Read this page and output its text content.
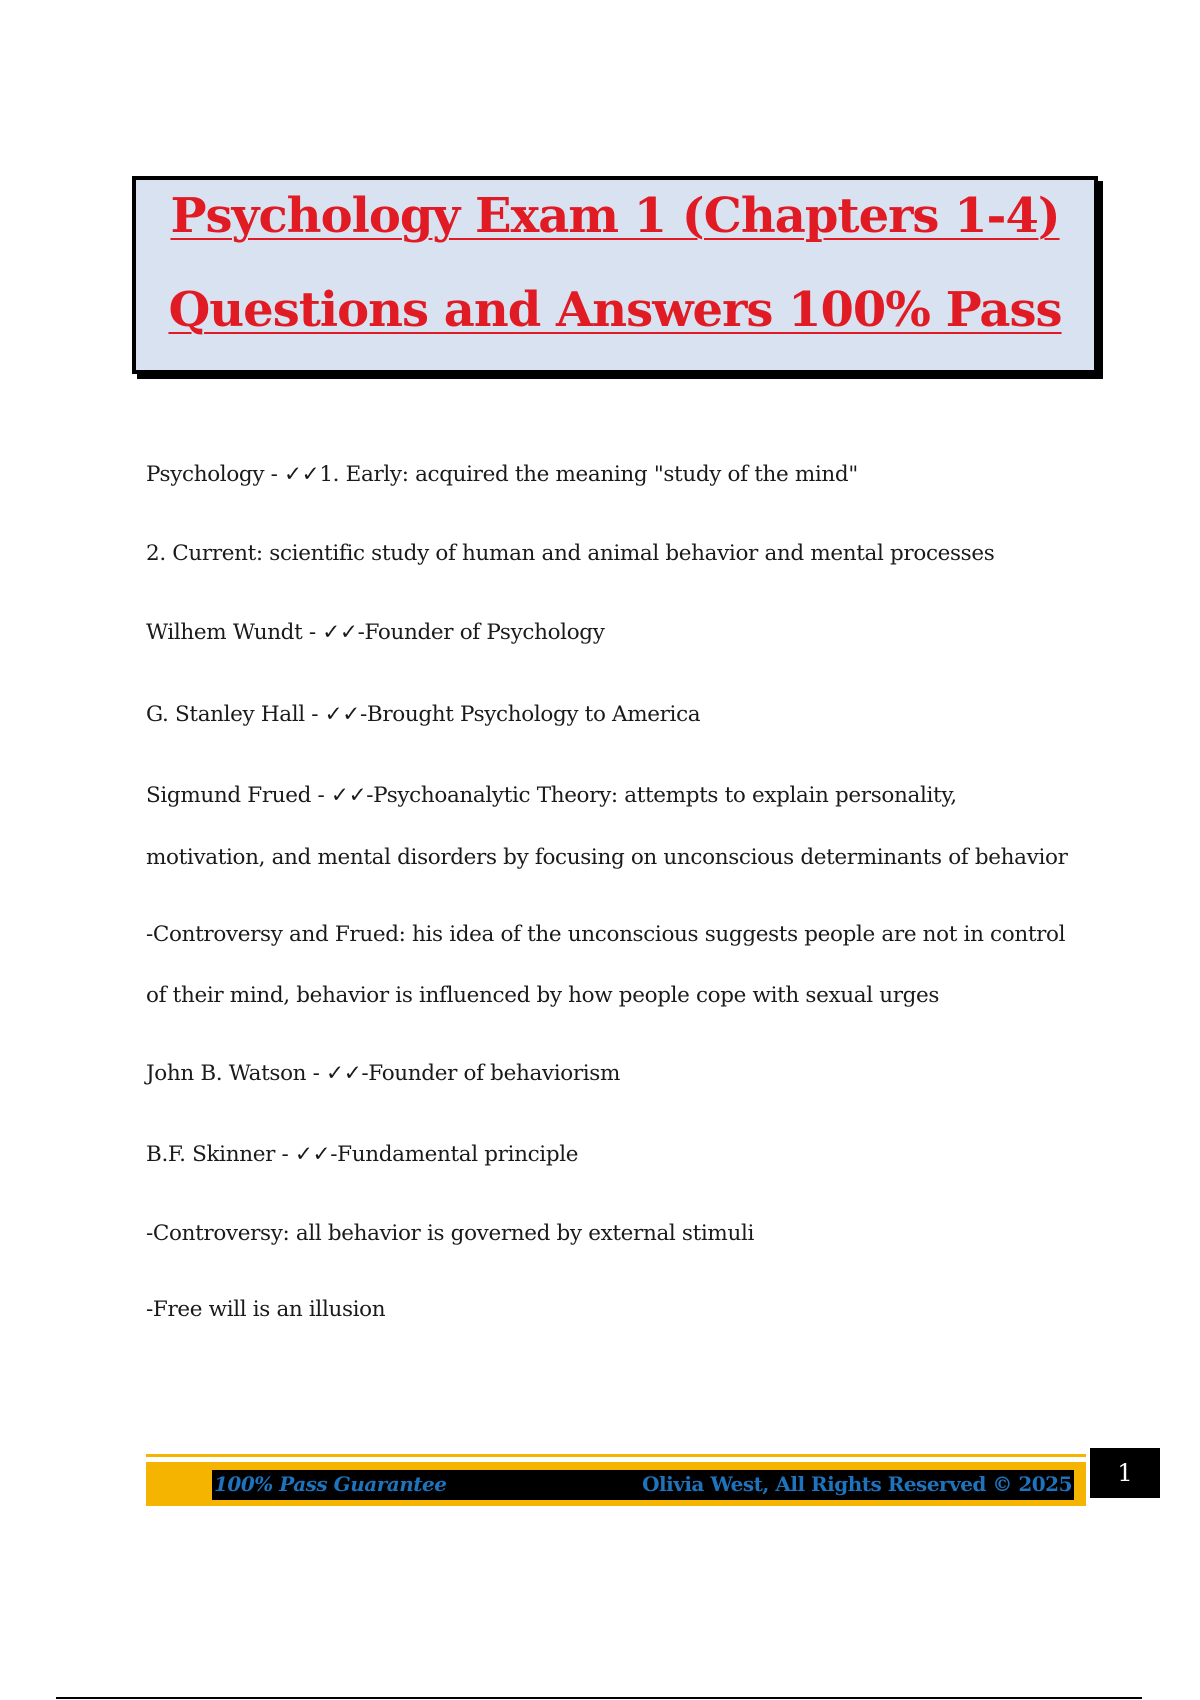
Psychology Exam 1 (Chapters 1-4)
Questions and Answers 100% Pass
Psychology - ✓✓1. Early: acquired the meaning "study of the mind"
2. Current: scientific study of human and animal behavior and mental processes
Wilhem Wundt - ✓✓-Founder of Psychology
G. Stanley Hall - ✓✓-Brought Psychology to America
Sigmund Frued - ✓✓-Psychoanalytic Theory: attempts to explain personality,
motivation, and mental disorders by focusing on unconscious determinants of behavior
-Controversy and Frued: his idea of the unconscious suggests people are not in control
of their mind, behavior is influenced by how people cope with sexual urges
John B. Watson - ✓✓-Founder of behaviorism
B.F. Skinner - ✓✓-Fundamental principle
-Controversy: all behavior is governed by external stimuli
-Free will is an illusion
100% Pass Guarantee	Olivia West, All Rights Reserved © 2025	1
